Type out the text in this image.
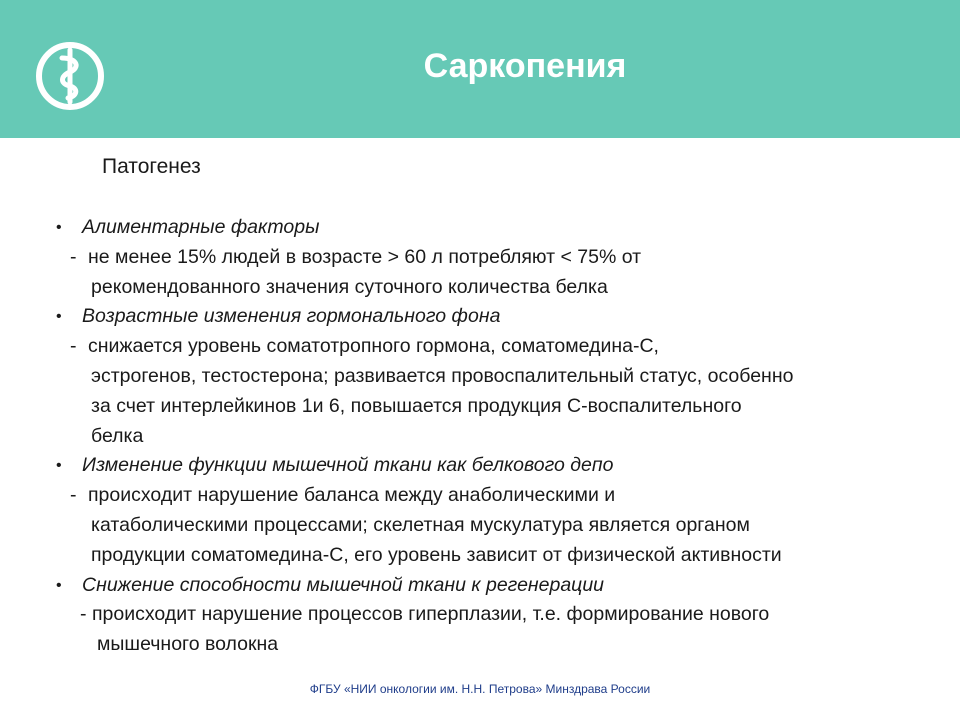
Саркопения
Патогенез
• Алиментарные факторы
- не менее 15% людей в возрасте > 60 л потребляют < 75% от
рекомендованного значения суточного количества белка
• Возрастные изменения гормонального фона
- снижается уровень соматотропного гормона, соматомедина-С,
эстрогенов, тестостерона; развивается провоспалительный статус, особенно
за счет интерлейкинов 1и 6, повышается продукция С-воспалительного
белка
• Изменение функции мышечной ткани как белкового депо
- происходит нарушение баланса между анаболическими и
катаболическими процессами; скелетная мускулатура является органом
продукции соматомедина-С, его уровень зависит от физической активности
• Снижение способности мышечной ткани к регенерации
- происходит нарушение процессов гиперплазии, т.е. формирование нового
мышечного волокна
ФГБУ «НИИ онкологии им. Н.Н. Петрова» Минздрава России
